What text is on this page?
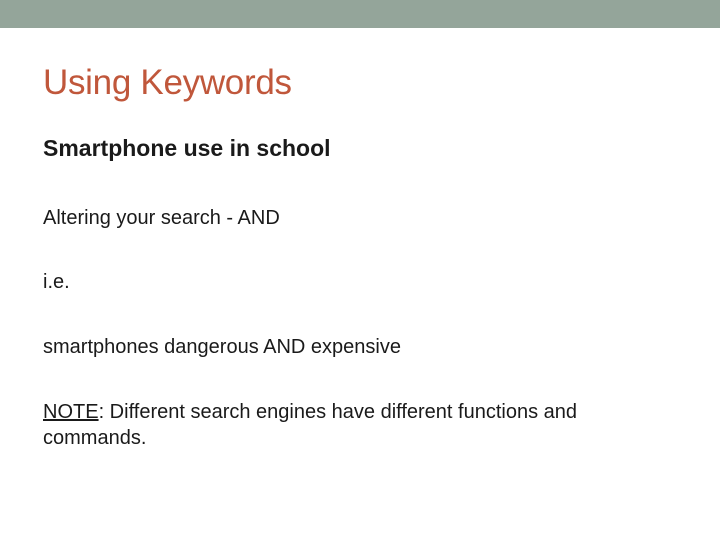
Using Keywords

Smartphone use in school

Altering your search - AND

i.e.

smartphones dangerous AND expensive

NOTE: Different search engines have different functions and commands.
